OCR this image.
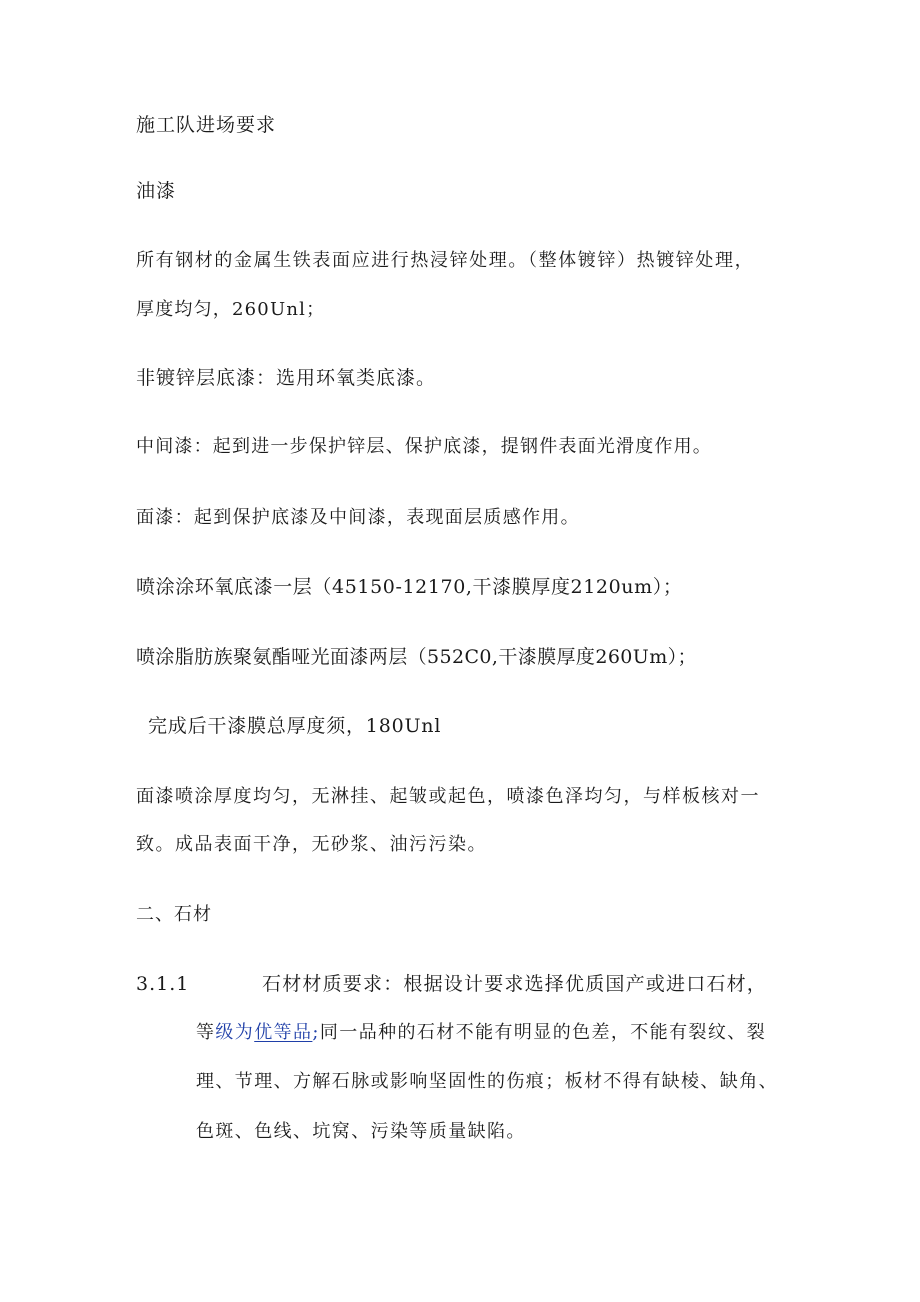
施工队进场要求
油漆
所有钢材的金属生铁表面应进行热浸锌处理。（整体镀锌）热镀锌处理，
厚度均匀，260Unl；
非镀锌层底漆：选用环氧类底漆。
中间漆：起到进一步保护锌层、保护底漆，提钢件表面光滑度作用。
面漆：起到保护底漆及中间漆，表现面层质感作用。
喷涂涂环氧底漆一层（45150-12170,干漆膜厚度2120um）；
喷涂脂肪族聚氨酯哑光面漆两层（552C0,干漆膜厚度260Um）；
完成后干漆膜总厚度须，180Unl
面漆喷涂厚度均匀，无淋挂、起皱或起色，喷漆色泽均匀，与样板核对一
致。成品表面干净，无砂浆、油污污染。
二、石材
3.1.1	石材材质要求：根据设计要求选择优质国产或进口石材，
等级为优等品;同一品种的石材不能有明显的色差，不能有裂纹、裂
理、节理、方解石脉或影响坚固性的伤痕；板材不得有缺棱、缺角、
色斑、色线、坑窝、污染等质量缺陷。
